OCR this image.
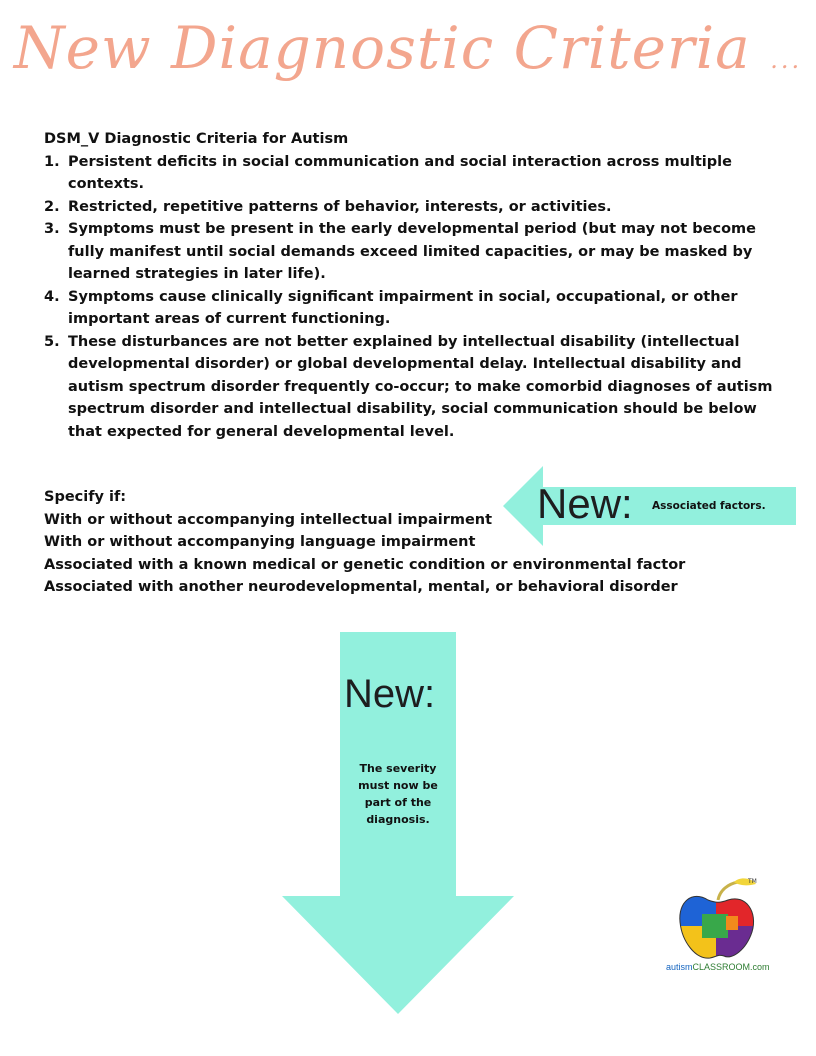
New Diagnostic Criteria ...

DSM_V Diagnostic Criteria for Autism

1. Persistent deficits in social communication and social interaction across multiple contexts.
2. Restricted, repetitive patterns of behavior, interests, or activities.
3. Symptoms must be present in the early developmental period (but may not become fully manifest until social demands exceed limited capacities, or may be masked by learned strategies in later life).
4. Symptoms cause clinically significant impairment in social, occupational, or other important areas of current functioning.
5. These disturbances are not better explained by intellectual disability (intellectual developmental disorder) or global developmental delay. Intellectual disability and autism spectrum disorder frequently co-occur; to make comorbid diagnoses of autism spectrum disorder and intellectual disability, social communication should be below that expected for general developmental level.

Specify if:

With or without accompanying intellectual impairment

With or without accompanying language impairment

Associated with a known medical or genetic condition or environmental factor

Associated with another neurodevelopmental, mental, or behavioral disorder

New: Associated factors.
New:
The severity must now be part of the diagnosis.
TM
autismCLASSROOM.com
